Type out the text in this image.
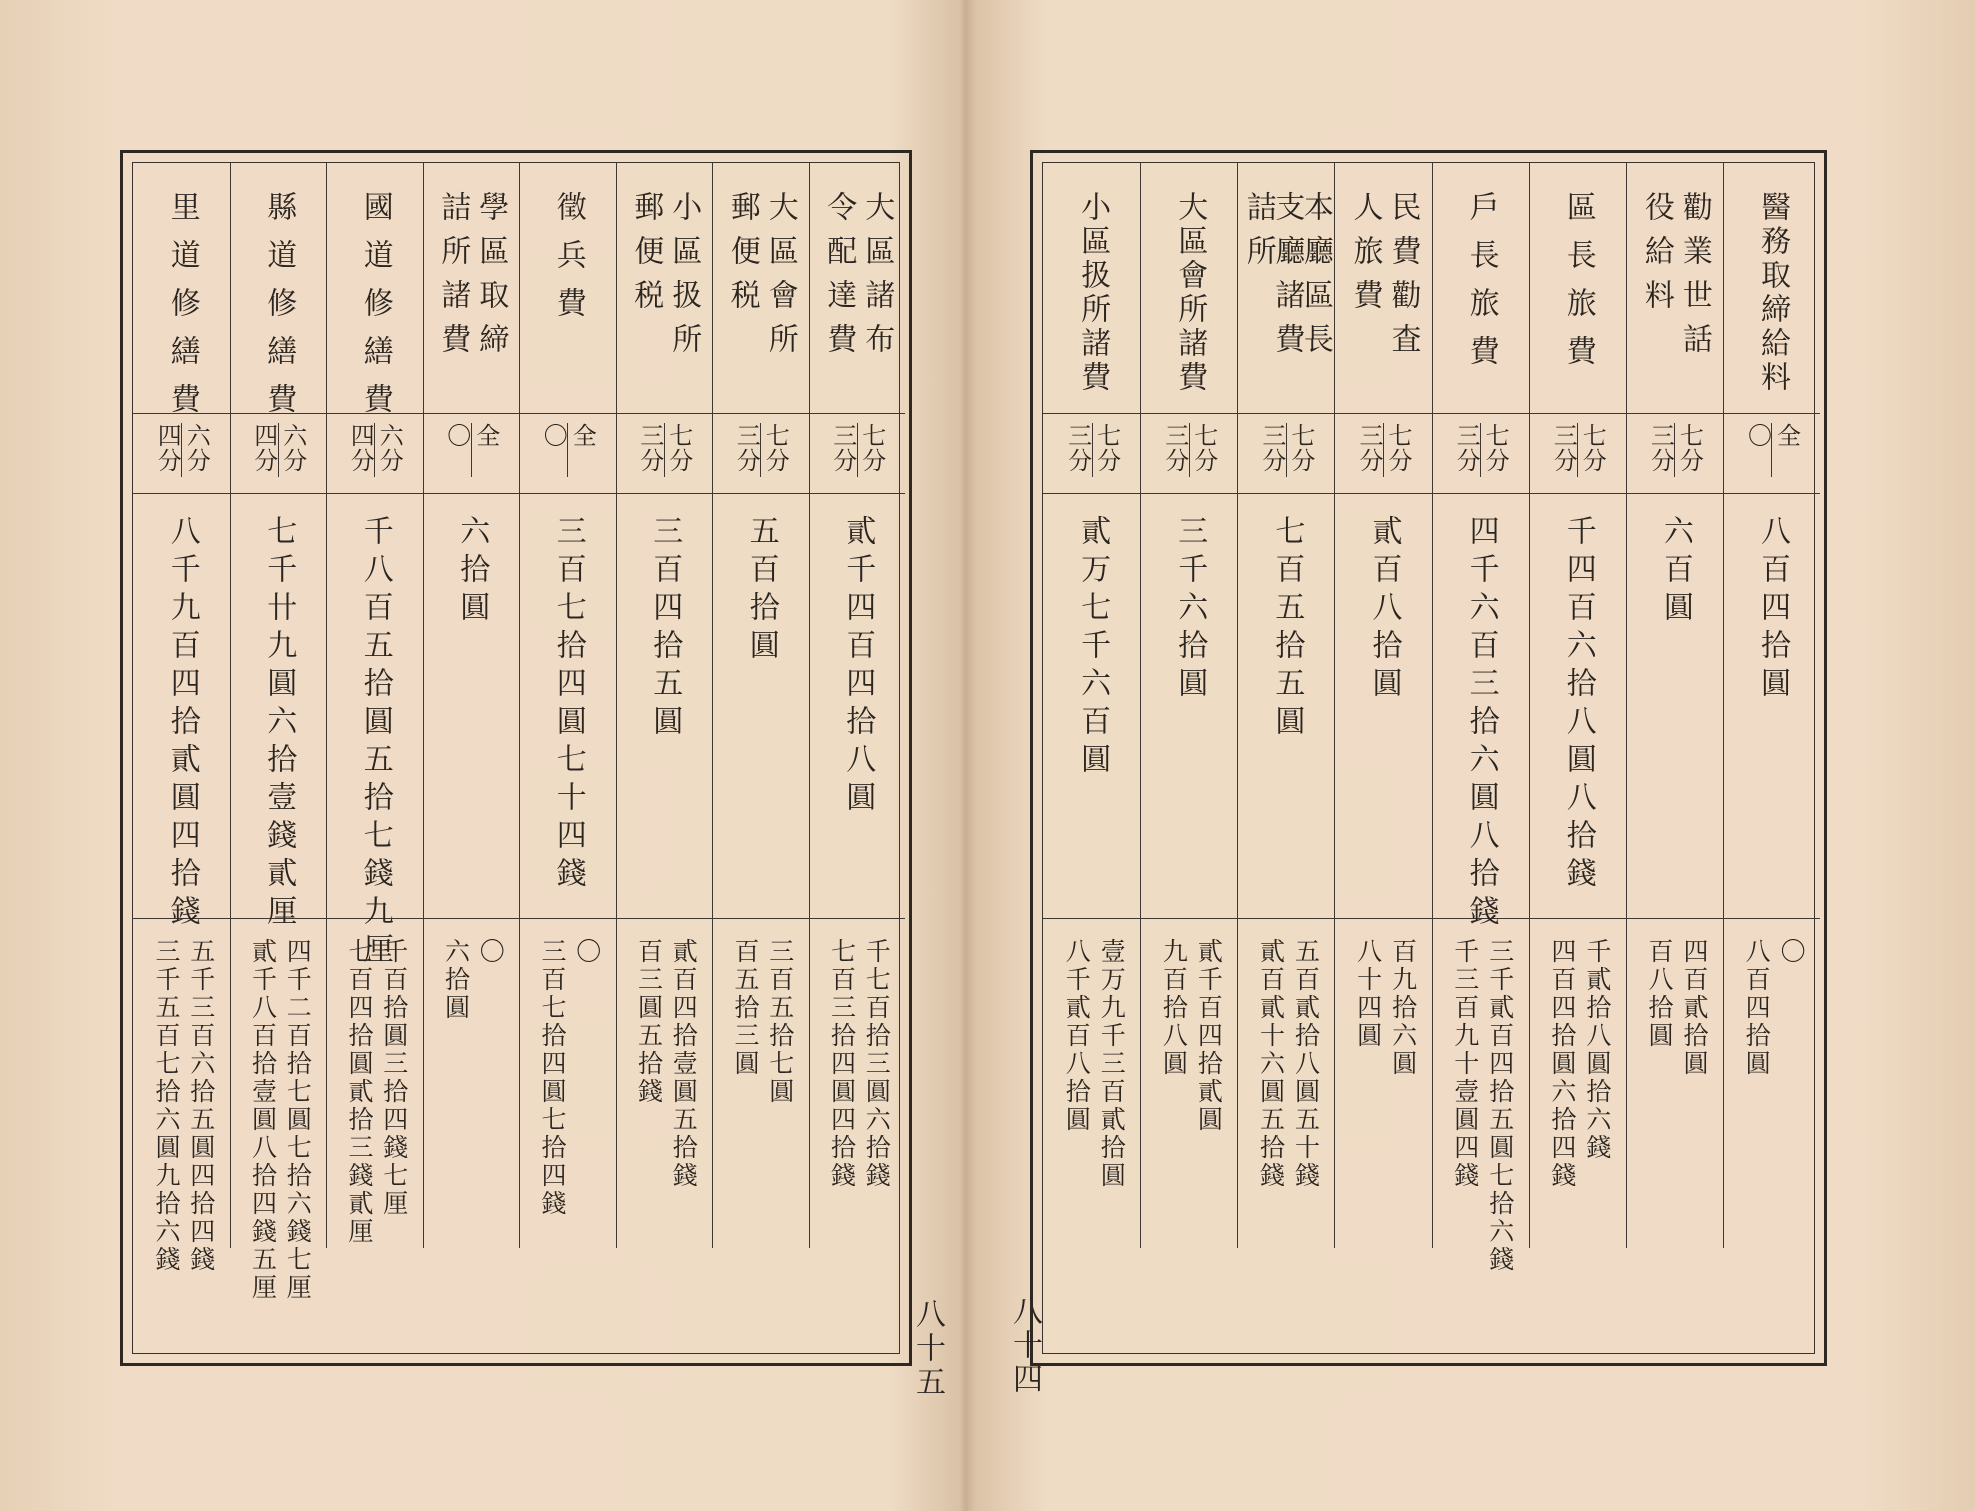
大區諸布
令配達費
七分
三分
貳千四百四拾八圓
千七百拾三圓六拾錢
七百三拾四圓四拾錢
大區會所
郵便税
七分
三分
五百拾圓
三百五拾七圓
百五拾三圓
小區扱所
郵便税
七分
三分
三百四拾五圓
貳百四拾壹圓五拾錢
百三圓五拾錢
徵兵費
全
〇
三百七拾四圓七十四錢
〇
三百七拾四圓七拾四錢
學區取締
詰所諸費
全
〇
六拾圓
〇
六拾圓
國道修繕費
六分
四分
千八百五拾圓五拾七錢九厘
千百拾圓三拾四錢七厘
七百四拾圓貳拾三錢貳厘
縣道修繕費
六分
四分
七千卄九圓六拾壹錢貳厘
四千二百拾七圓七拾六錢七厘
貳千八百拾壹圓八拾四錢五厘
里道修繕費
六分
四分
八千九百四拾貳圓四拾錢
五千三百六拾五圓四拾四錢
三千五百七拾六圓九拾六錢
八十五
醫務取締給料
全
〇
八百四拾圓
〇
八百四拾圓
勸業世話
役給料
七分
三分
六百圓
四百貳拾圓
百八拾圓
區長旅費
七分
三分
千四百六拾八圓八拾錢
千貳拾八圓拾六錢
四百四拾圓六拾四錢
戶長旅費
七分
三分
四千六百三拾六圓八拾錢
三千貳百四拾五圓七拾六錢
千三百九十壹圓四錢
民費勸査
人旅費
七分
三分
貳百八拾圓
百九拾六圓
八十四圓
本廳區長
支廳諸費
詰所
七分
三分
七百五拾五圓
五百貳拾八圓五十錢
貳百貳十六圓五拾錢
大區會所諸費
七分
三分
三千六拾圓
貳千百四拾貳圓
九百拾八圓
小區扱所諸費
七分
三分
貳万七千六百圓
壹万九千三百貳拾圓
八千貳百八拾圓
八十四
